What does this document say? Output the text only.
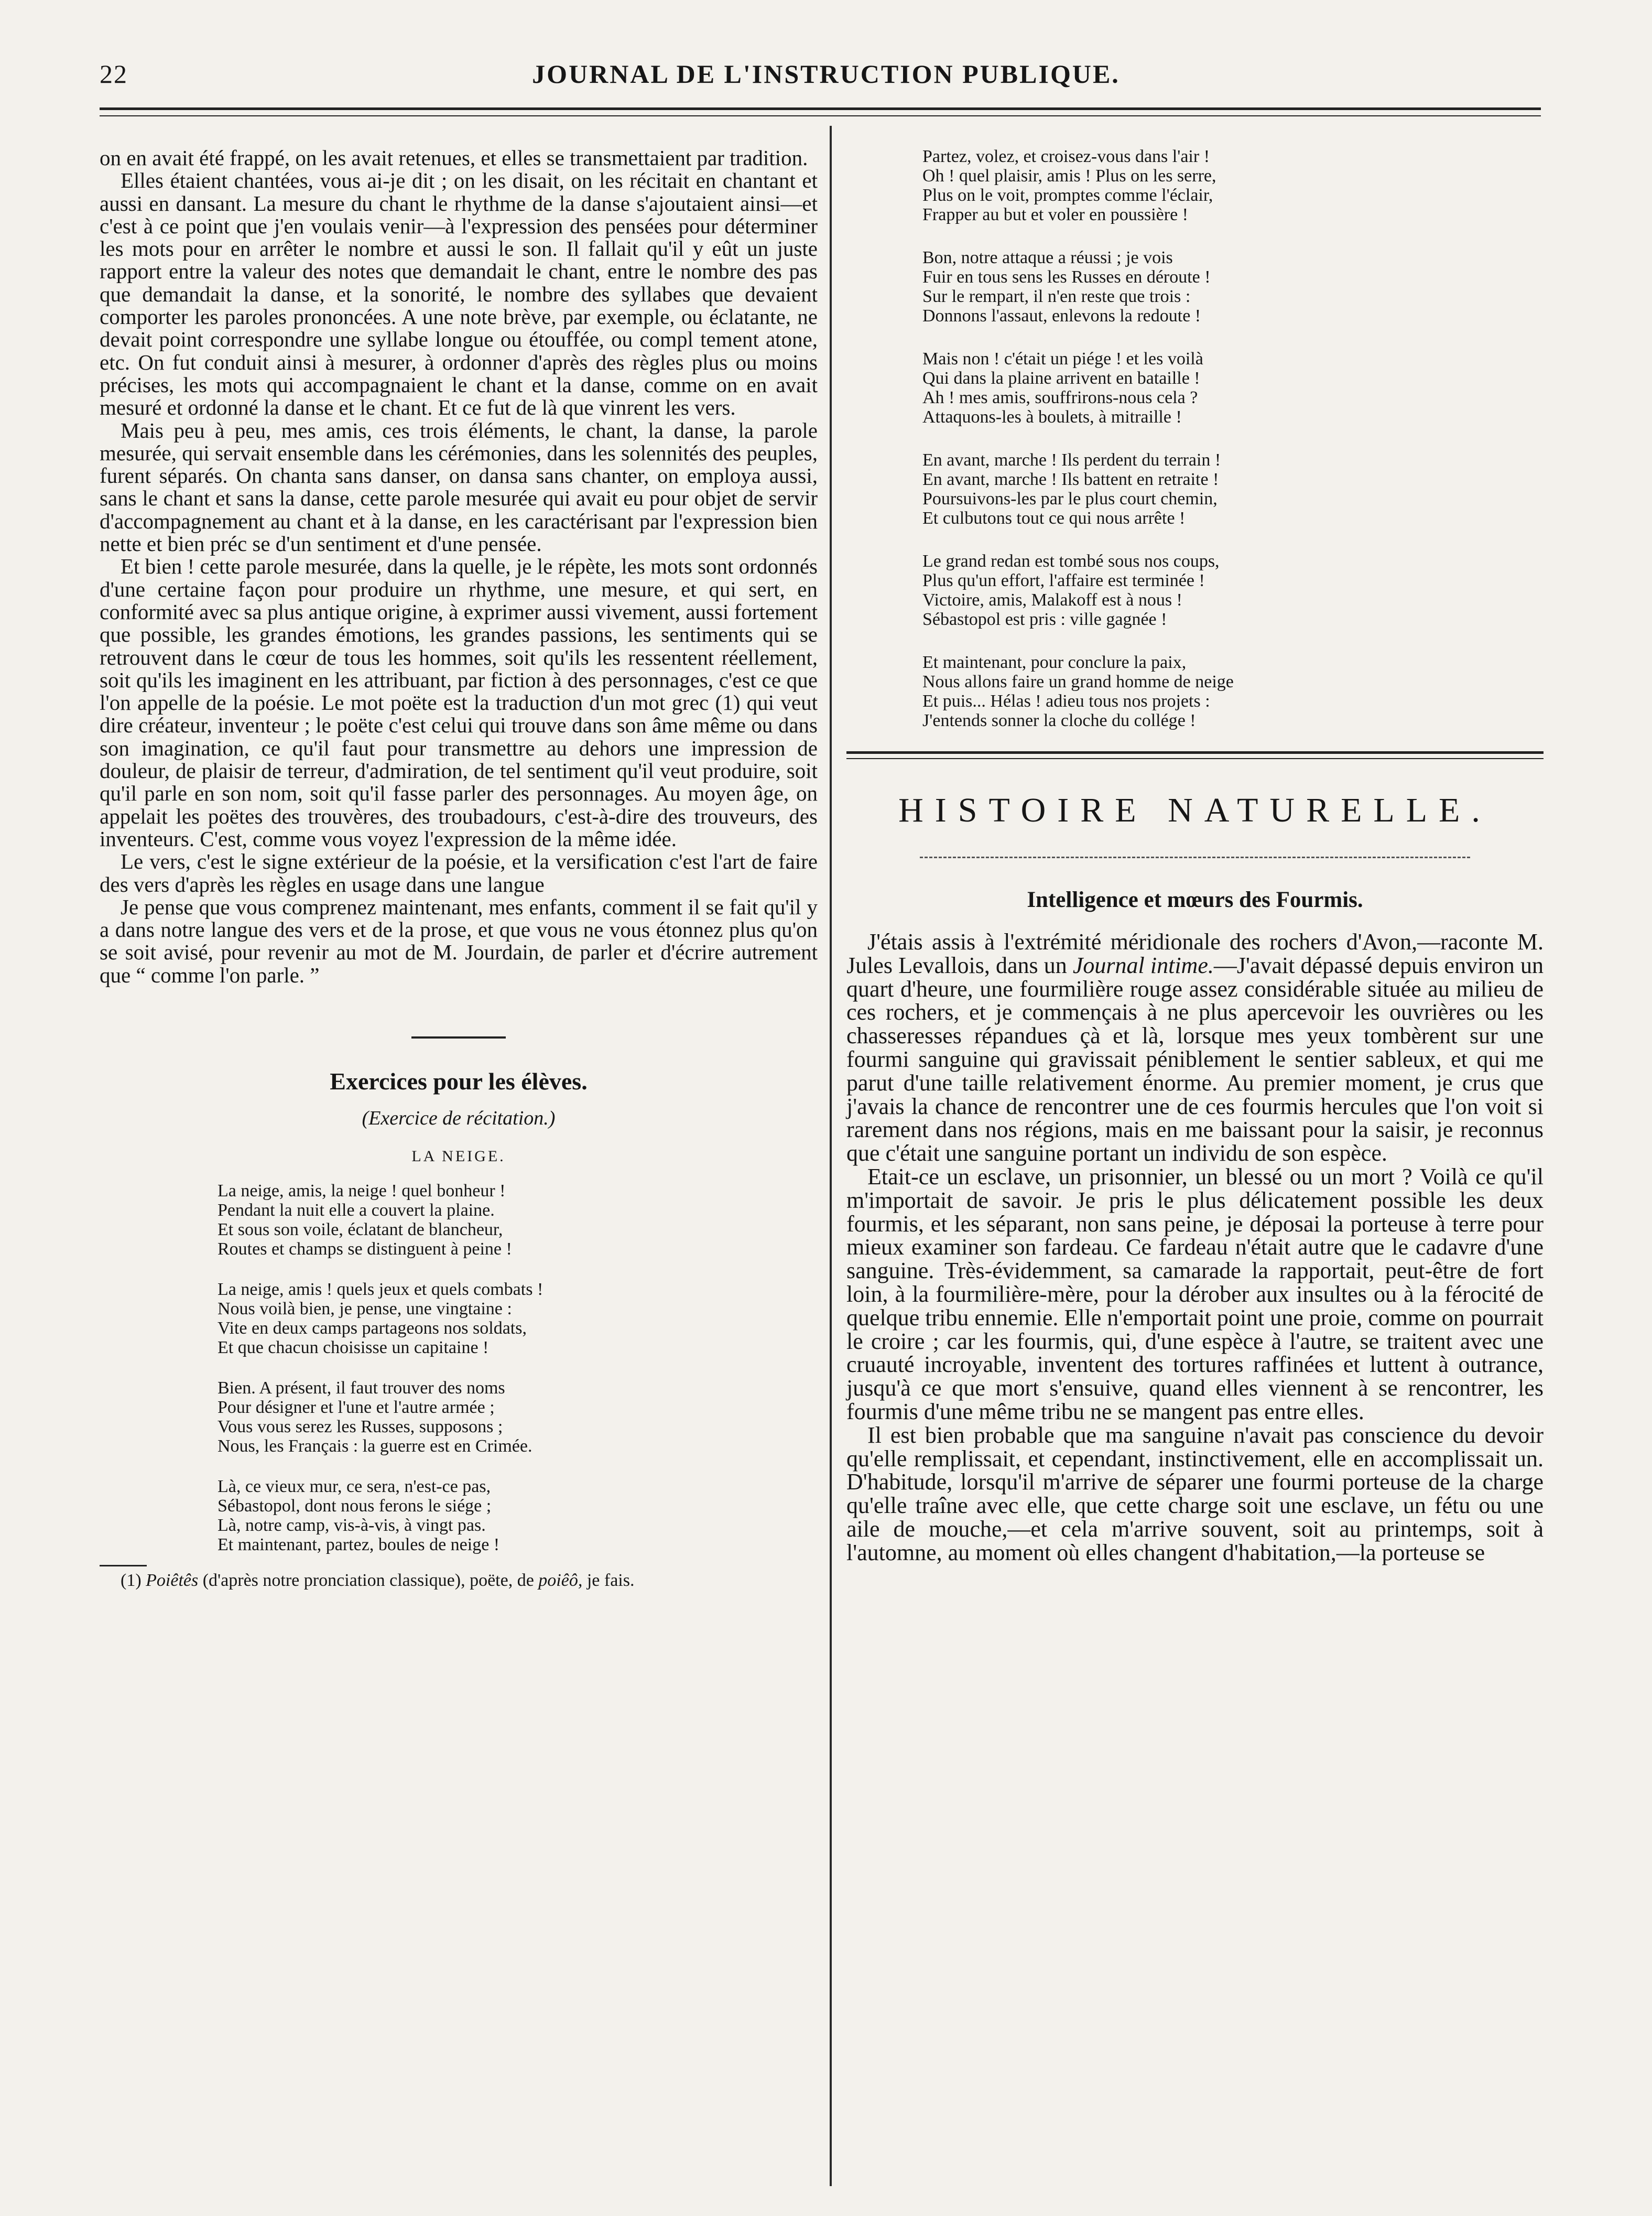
22	JOURNAL DE L'INSTRUCTION PUBLIQUE.

on en avait été frappé, on les avait retenues, et elles se transmettaient par tradition.

Elles étaient chantées, vous ai-je dit ; on les disait, on les récitait en chantant et aussi en dansant. La mesure du chant le rhythme de la danse s'ajoutaient ainsi—et c'est à ce point que j'en voulais venir—à l'expression des pensées pour déterminer les mots pour en arrêter le nombre et aussi le son. Il fallait qu'il y eût un juste rapport entre la valeur des notes que demandait le chant, entre le nombre des pas que demandait la danse, et la sonorité, le nombre des syllabes que devaient comporter les paroles prononcées. A une note brève, par exemple, ou éclatante, ne devait point correspondre une syllabe longue ou étouffée, ou compl tement atone, etc. On fut conduit ainsi à mesurer, à ordonner d'après des règles plus ou moins précises, les mots qui accompagnaient le chant et la danse, comme on en avait mesuré et ordonné la danse et le chant. Et ce fut de là que vinrent les vers.

Mais peu à peu, mes amis, ces trois éléments, le chant, la danse, la parole mesurée, qui servait ensemble dans les cérémonies, dans les solennités des peuples, furent séparés. On chanta sans danser, on dansa sans chanter, on employa aussi, sans le chant et sans la danse, cette parole mesurée qui avait eu pour objet de servir d'accompagnement au chant et à la danse, en les caractérisant par l'expression bien nette et bien préc se d'un sentiment et d'une pensée.

Et bien ! cette parole mesurée, dans la quelle, je le répète, les mots sont ordonnés d'une certaine façon pour produire un rhythme, une mesure, et qui sert, en conformité avec sa plus antique origine, à exprimer aussi vivement, aussi fortement que possible, les grandes émotions, les grandes passions, les sentiments qui se retrouvent dans le cœur de tous les hommes, soit qu'ils les ressentent réellement, soit qu'ils les imaginent en les attribuant, par fiction à des personnages, c'est ce que l'on appelle de la poésie. Le mot poëte est la traduction d'un mot grec (1) qui veut dire créateur, inventeur ; le poëte c'est celui qui trouve dans son âme même ou dans son imagination, ce qu'il faut pour transmettre au dehors une impression de douleur, de plaisir de terreur, d'admiration, de tel sentiment qu'il veut produire, soit qu'il parle en son nom, soit qu'il fasse parler des personnages. Au moyen âge, on appelait les poëtes des trouvères, des troubadours, c'est-à-dire des trouveurs, des inventeurs. C'est, comme vous voyez l'expression de la même idée.

Le vers, c'est le signe extérieur de la poésie, et la versification c'est l'art de faire des vers d'après les règles en usage dans une langue

Je pense que vous comprenez maintenant, mes enfants, comment il se fait qu'il y a dans notre langue des vers et de la prose, et que vous ne vous étonnez plus qu'on se soit avisé, pour revenir au mot de M. Jourdain, de parler et d'écrire autrement que “ comme l'on parle. ”

Exercices pour les élèves.
(Exercice de récitation.)
LA NEIGE.
La neige, amis, la neige ! quel bonheur !
Pendant la nuit elle a couvert la plaine.
Et sous son voile, éclatant de blancheur,
Routes et champs se distinguent à peine !
La neige, amis ! quels jeux et quels combats !
Nous voilà bien, je pense, une vingtaine :
Vite en deux camps partageons nos soldats,
Et que chacun choisisse un capitaine !
Bien. A présent, il faut trouver des noms
Pour désigner et l'une et l'autre armée ;
Vous vous serez les Russes, supposons ;
Nous, les Français : la guerre est en Crimée.
Là, ce vieux mur, ce sera, n'est-ce pas,
Sébastopol, dont nous ferons le siége ;
Là, notre camp, vis-à-vis, à vingt pas.
Et maintenant, partez, boules de neige !
(1) Poiêtês (d'après notre pronciation classique), poëte, de poiêô, je fais.
Partez, volez, et croisez-vous dans l'air !
Oh ! quel plaisir, amis ! Plus on les serre,
Plus on le voit, promptes comme l'éclair,
Frapper au but et voler en poussière !
Bon, notre attaque a réussi ; je vois
Fuir en tous sens les Russes en déroute !
Sur le rempart, il n'en reste que trois :
Donnons l'assaut, enlevons la redoute !
Mais non ! c'était un piége ! et les voilà
Qui dans la plaine arrivent en bataille !
Ah ! mes amis, souffrirons-nous cela ?
Attaquons-les à boulets, à mitraille !
En avant, marche ! Ils perdent du terrain !
En avant, marche ! Ils battent en retraite !
Poursuivons-les par le plus court chemin,
Et culbutons tout ce qui nous arrête !
Le grand redan est tombé sous nos coups,
Plus qu'un effort, l'affaire est terminée !
Victoire, amis, Malakoff est à nous !
Sébastopol est pris : ville gagnée !
Et maintenant, pour conclure la paix,
Nous allons faire un grand homme de neige
Et puis... Hélas ! adieu tous nos projets :
J'entends sonner la cloche du collége !
HISTOIRE NATURELLE.
Intelligence et mœurs des Fourmis.

J'étais assis à l'extrémité méridionale des rochers d'Avon,—raconte M. Jules Levallois, dans un Journal intime.—J'avait dépassé depuis environ un quart d'heure, une fourmilière rouge assez considérable située au milieu de ces rochers, et je commençais à ne plus apercevoir les ouvrières ou les chasseresses répandues çà et là, lorsque mes yeux tombèrent sur une fourmi sanguine qui gravissait péniblement le sentier sableux, et qui me parut d'une taille relativement énorme. Au premier moment, je crus que j'avais la chance de rencontrer une de ces fourmis hercules que l'on voit si rarement dans nos régions, mais en me baissant pour la saisir, je reconnus que c'était une sanguine portant un individu de son espèce.

Etait-ce un esclave, un prisonnier, un blessé ou un mort ? Voilà ce qu'il m'importait de savoir. Je pris le plus délicatement possible les deux fourmis, et les séparant, non sans peine, je déposai la porteuse à terre pour mieux examiner son fardeau. Ce fardeau n'était autre que le cadavre d'une sanguine. Très-évidemment, sa camarade la rapportait, peut-être de fort loin, à la fourmilière-mère, pour la dérober aux insultes ou à la férocité de quelque tribu ennemie. Elle n'emportait point une proie, comme on pourrait le croire ; car les fourmis, qui, d'une espèce à l'autre, se traitent avec une cruauté incroyable, inventent des tortures raffinées et luttent à outrance, jusqu'à ce que mort s'ensuive, quand elles viennent à se rencontrer, les fourmis d'une même tribu ne se mangent pas entre elles.

Il est bien probable que ma sanguine n'avait pas conscience du devoir qu'elle remplissait, et cependant, instinctivement, elle en accomplissait un. D'habitude, lorsqu'il m'arrive de séparer une fourmi porteuse de la charge qu'elle traîne avec elle, que cette charge soit une esclave, un fétu ou une aile de mouche,—et cela m'arrive souvent, soit au printemps, soit à l'automne, au moment où elles changent d'habitation,—la porteuse se
